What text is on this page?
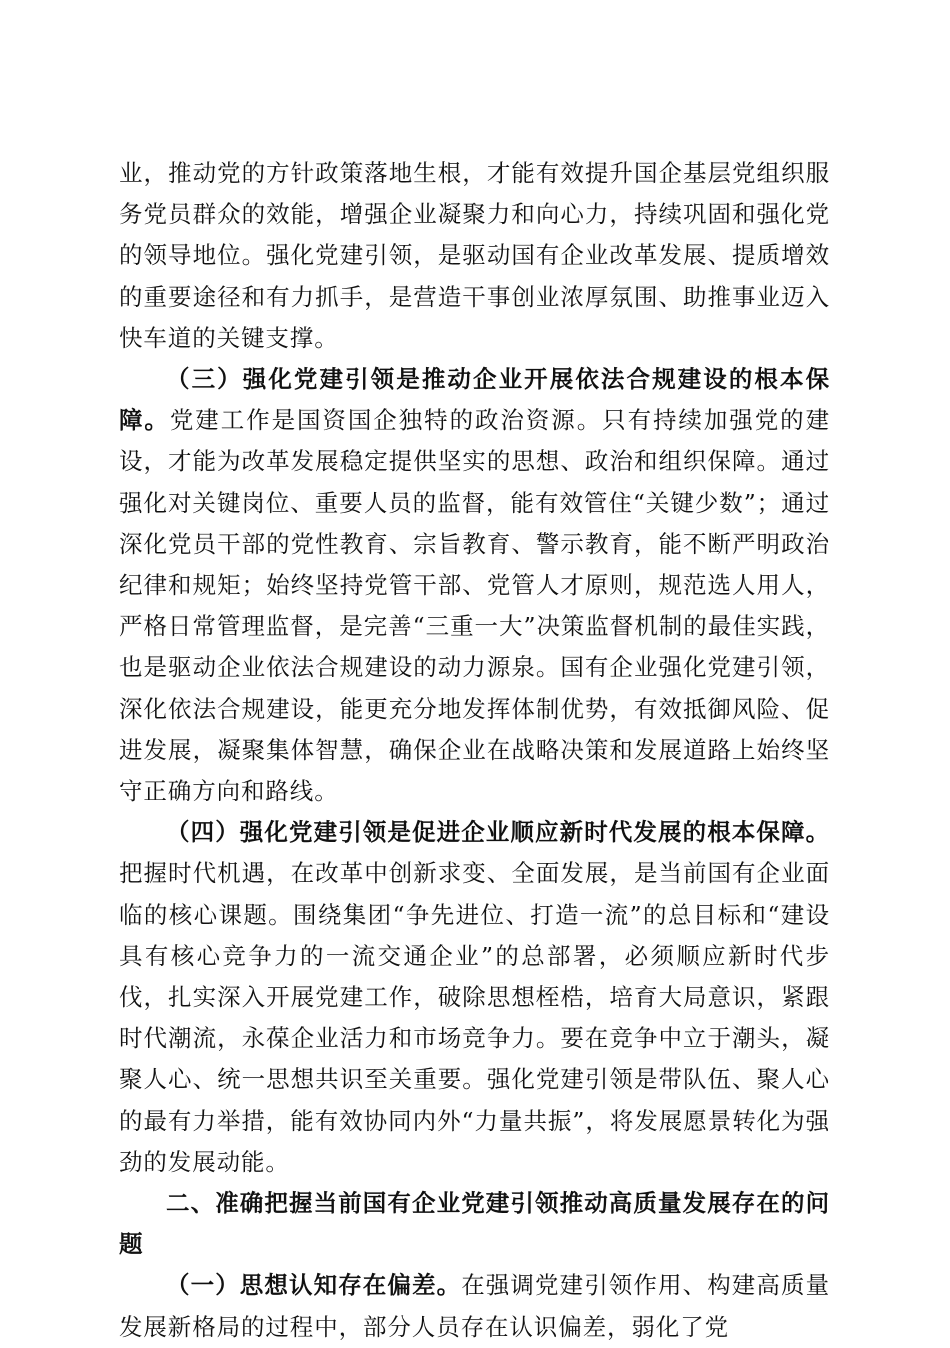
业，推动党的方针政策落地生根，才能有效提升国企基层党组织服务党员群众的效能，增强企业凝聚力和向心力，持续巩固和强化党的领导地位。强化党建引领，是驱动国有企业改革发展、提质增效的重要途径和有力抓手，是营造干事创业浓厚氛围、助推事业迈入快车道的关键支撑。

（三）强化党建引领是推动企业开展依法合规建设的根本保障。党建工作是国资国企独特的政治资源。只有持续加强党的建设，才能为改革发展稳定提供坚实的思想、政治和组织保障。通过强化对关键岗位、重要人员的监督，能有效管住“关键少数”；通过深化党员干部的党性教育、宗旨教育、警示教育，能不断严明政治纪律和规矩；始终坚持党管干部、党管人才原则，规范选人用人，严格日常管理监督，是完善“三重一大”决策监督机制的最佳实践，也是驱动企业依法合规建设的动力源泉。国有企业强化党建引领，深化依法合规建设，能更充分地发挥体制优势，有效抵御风险、促进发展，凝聚集体智慧，确保企业在战略决策和发展道路上始终坚守正确方向和路线。

（四）强化党建引领是促进企业顺应新时代发展的根本保障。把握时代机遇，在改革中创新求变、全面发展，是当前国有企业面临的核心课题。围绕集团“争先进位、打造一流”的总目标和“建设具有核心竞争力的一流交通企业”的总部署，必须顺应新时代步伐，扎实深入开展党建工作，破除思想桎梏，培育大局意识，紧跟时代潮流，永葆企业活力和市场竞争力。要在竞争中立于潮头，凝聚人心、统一思想共识至关重要。强化党建引领是带队伍、聚人心的最有力举措，能有效协同内外“力量共振”，将发展愿景转化为强劲的发展动能。

二、准确把握当前国有企业党建引领推动高质量发展存在的问题

（一）思想认知存在偏差。在强调党建引领作用、构建高质量发展新格局的过程中，部分人员存在认识偏差，弱化了党
